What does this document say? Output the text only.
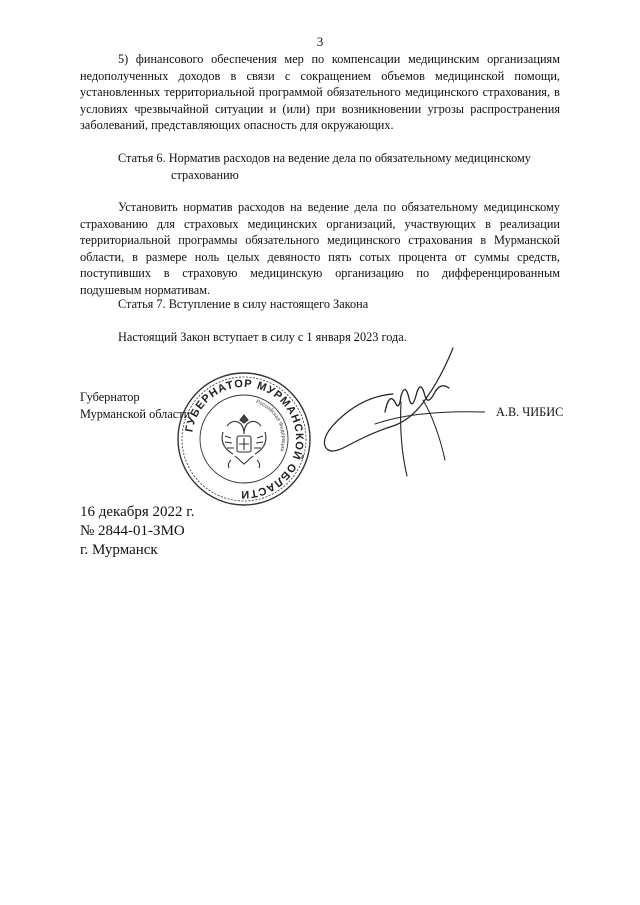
3

5) финансового обеспечения мер по компенсации медицинским организациям недополученных доходов в связи с сокращением объемов медицинской помощи, установленных территориальной программой обязательного медицинского страхования, в условиях чрезвычайной ситуации и (или) при возникновении угрозы распространения заболеваний, представляющих опасность для окружающих.

Статья 6. Норматив расходов на ведение дела по обязательному медицинскому
страхованию

Установить норматив расходов на ведение дела по обязательному медицинскому страхованию для страховых медицинских организаций, участвующих в реализации территориальной программы обязательного медицинского страхования в Мурманской области, в размере ноль целых девяносто пять сотых процента от суммы средств, поступивших в страховую медицинскую организацию по дифференцированным подушевым нормативам.

Статья 7. Вступление в силу настоящего Закона
Настоящий Закон вступает в силу с 1 января 2023 года.
Губернатор
Мурманской области
ГУБЕРНАТОР МУРМАНСКОЙ ОБЛАСТИ
Российская Федерация
А.В. ЧИБИС
16 декабря 2022 г.
№ 2844-01-ЗМО
г. Мурманск
